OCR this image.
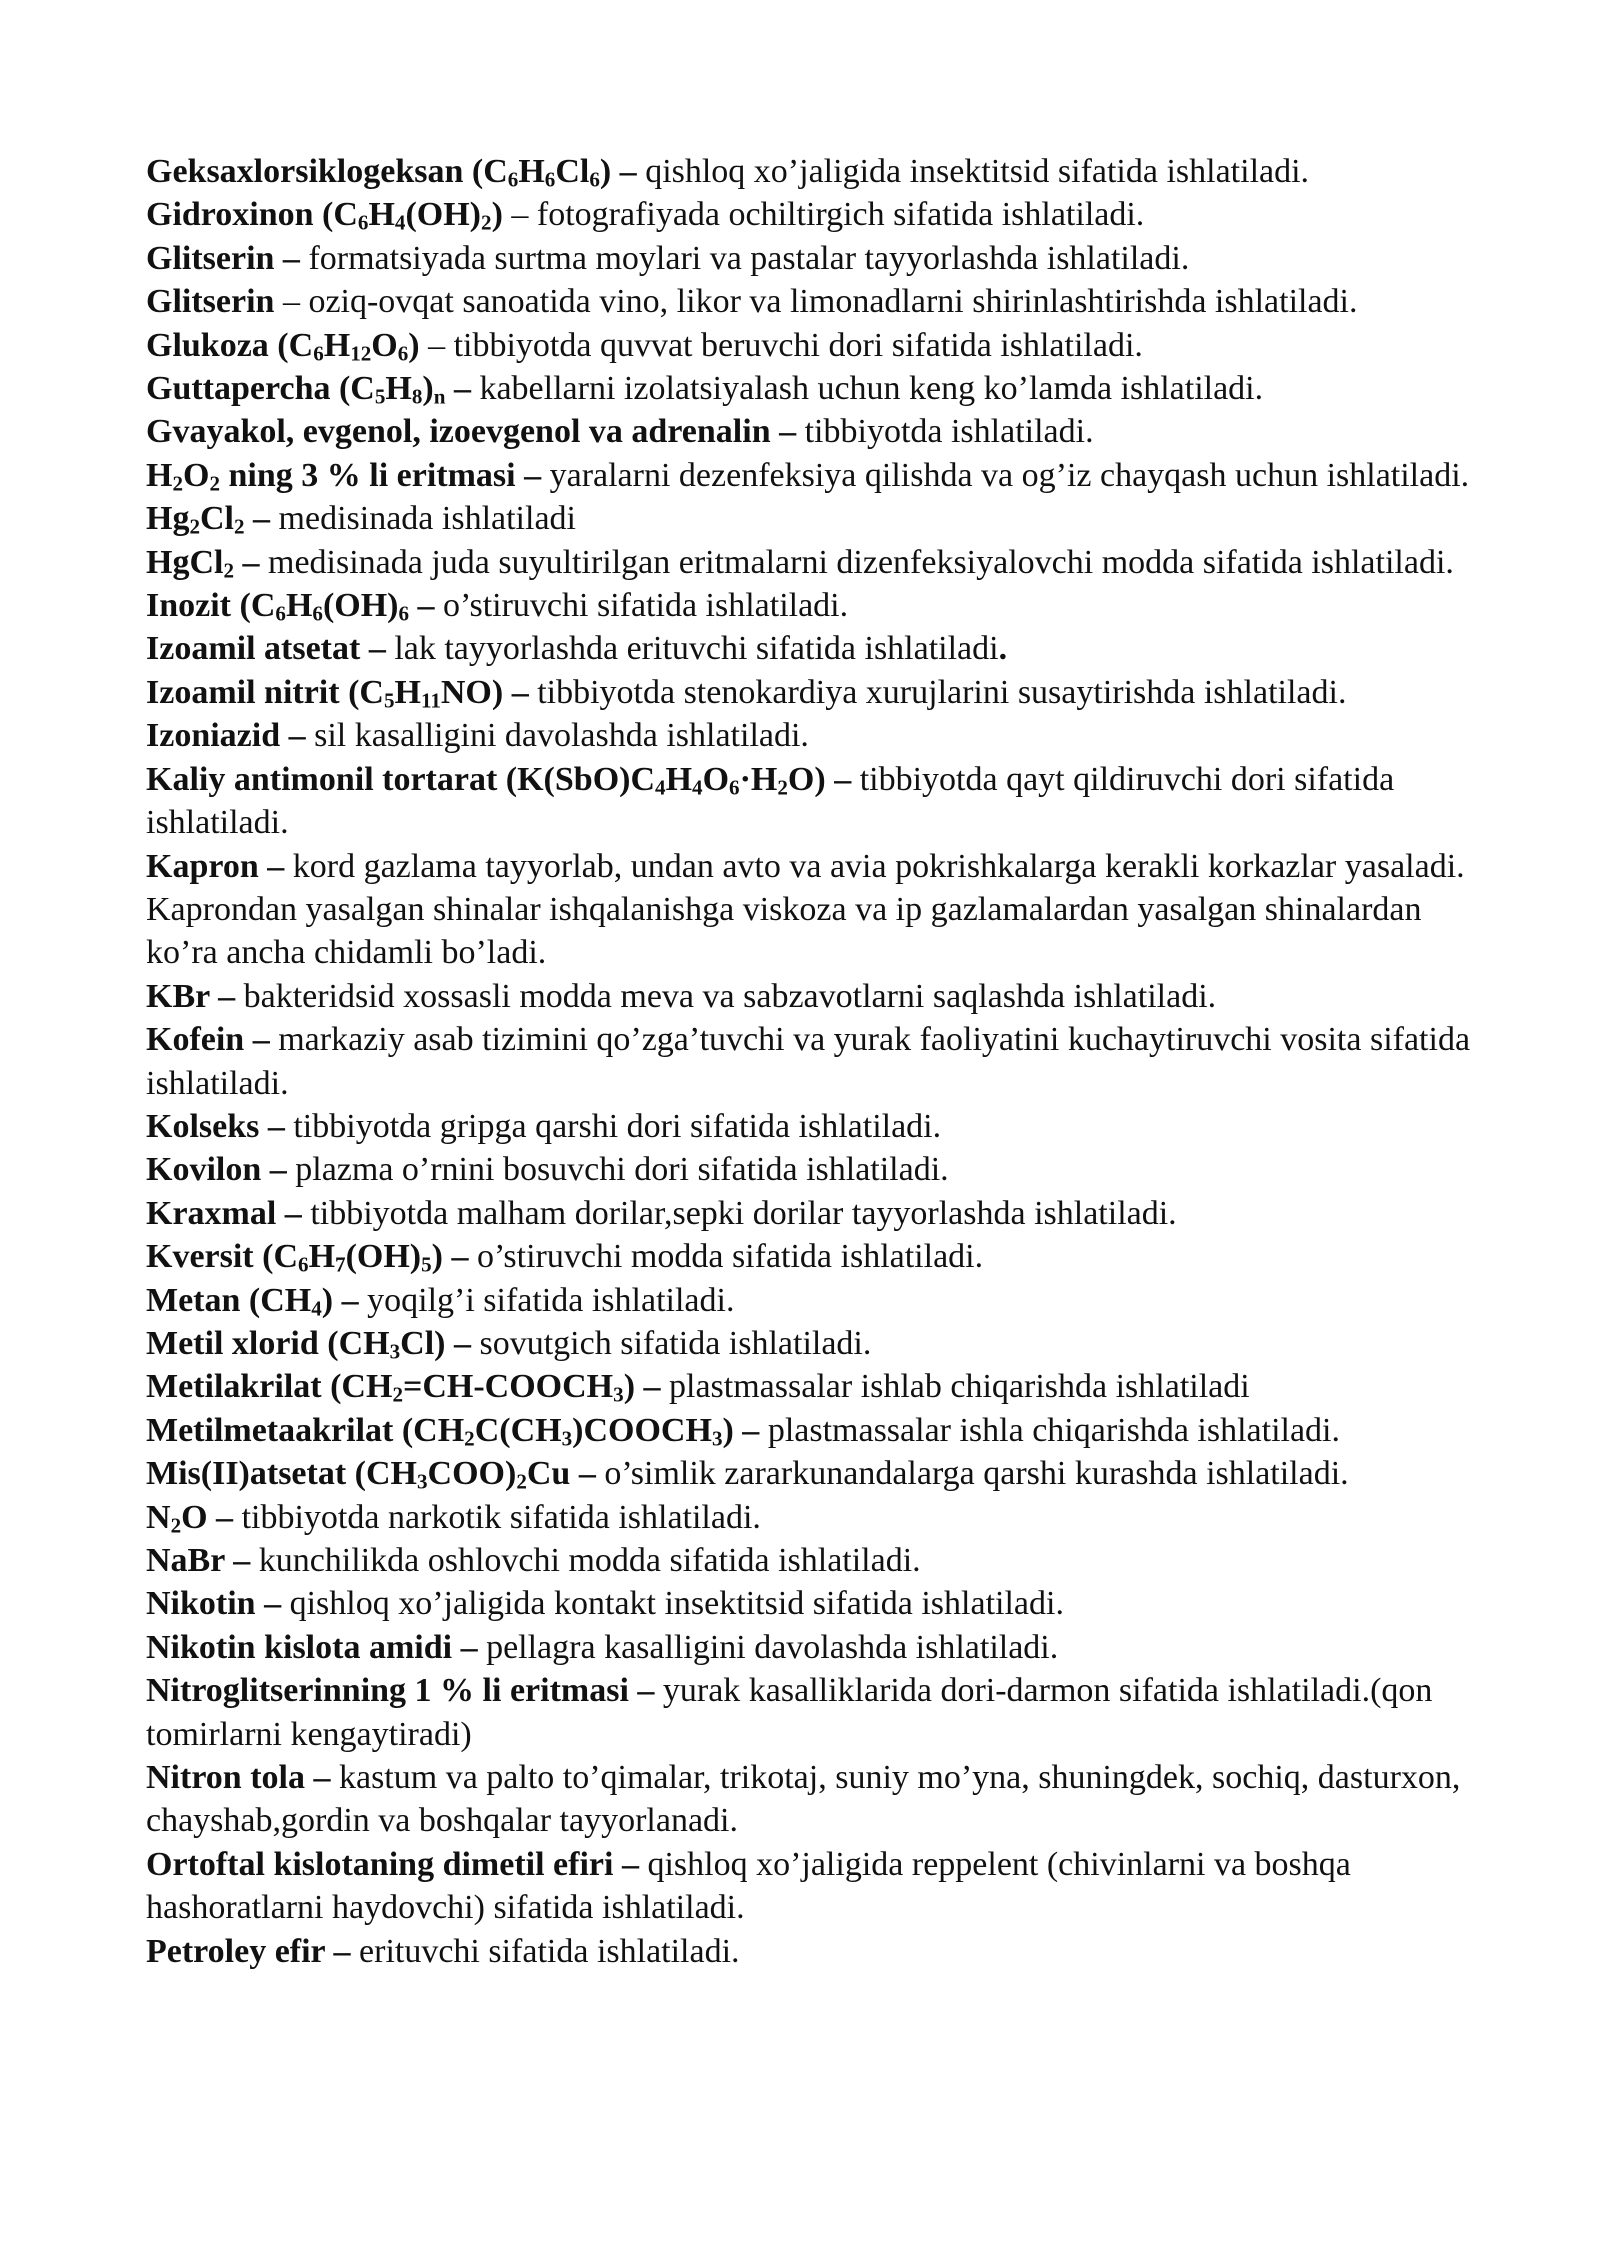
Geksaxlorsiklogeksan $(C_6H_6Cl_6)$ – qishloq xo’jaligida insektitsid sifatida ishlatiladi.

Gidroxinon $(C_6H_4(OH)_2)$ – fotografiyada ochiltirgich sifatida ishlatiladi.

Glitserin – formatsiyada surtma moylari va pastalar tayyorlashda ishlatiladi.

Glitserin – oziq-ovqat sanoatida vino, likor va limonadlarni shirinlashtirishda ishlatiladi.

Glukoza $(C_6H_{12}O_6)$ – tibbiyotda quvvat beruvchi dori sifatida ishlatiladi.

Guttapercha $(C_5H_8)_n$ – kabellarni izolatsiyalash uchun keng ko’lamda ishlatiladi.

Gvayakol, evgenol, izoevgenol va adrenalin – tibbiyotda ishlatiladi.

$H_2O_2$ ning 3 % li eritmasi – yaralarni dezenfeksiya qilishda va og’iz chayqash uchun ishlatiladi.

$Hg_2Cl_2$ – medisinada ishlatiladi

HgCl$_2$ – medisinada juda suyultirilgan eritmalarni dizenfeksiyalovchi modda sifatida ishlatiladi.

Inozit ($C_6H_6(OH)_6$ – o’stiruvchi sifatida ishlatiladi.

Izoamil atsetat – lak tayyorlashda erituvchi sifatida ishlatiladi.

Izoamil nitrit $(C_5H_{11}NO)$ – tibbiyotda stenokardiya xurujlarini susaytirishda ishlatiladi.

Izoniazid – sil kasalligini davolashda ishlatiladi.

Kaliy antimonil tortarat $(K(SbO)C_4H_4O_6\cdot H_2O)$ – tibbiyotda qayt qildiruvchi dori sifatida ishlatiladi.

Kapron – kord gazlama tayyorlab, undan avto va avia pokrishkalarga kerakli korkazlar yasaladi. Kaprondan yasalgan shinalar ishqalanishga viskoza va ip gazlamalardan yasalgan shinalardan ko’ra ancha chidamli bo’ladi.

KBr – bakteridsid xossasli modda meva va sabzavotlarni saqlashda ishlatiladi.

Kofein – markaziy asab tizimini qo’zga’tuvchi va yurak faoliyatini kuchaytiruvchi vosita sifatida ishlatiladi.

Kolseks – tibbiyotda gripga qarshi dori sifatida ishlatiladi.

Kovilon – plazma o’rnini bosuvchi dori sifatida ishlatiladi.

Kraxmal – tibbiyotda malham dorilar,sepki dorilar tayyorlashda ishlatiladi.

Kversit $(C_6H_7(OH)_5)$ – o’stiruvchi modda sifatida ishlatiladi.

Metan $(CH_4)$ – yoqilg’i sifatida ishlatiladi.

Metil xlorid $(CH_3Cl)$ – sovutgich sifatida ishlatiladi.

Metilakrilat $(CH_2=CH-COOCH_3)$ – plastmassalar ishlab chiqarishda ishlatiladi

Metilmetaakrilat $(CH_2C(CH_3)COOCH_3)$ – plastmassalar ishla chiqarishda ishlatiladi.

Mis(II)atsetat $(CH_3COO)_2Cu$ – o’simlik zararkunandalarga qarshi kurashda ishlatiladi.

$N_2O$ – tibbiyotda narkotik sifatida ishlatiladi.

NaBr – kunchilikda oshlovchi modda sifatida ishlatiladi.

Nikotin – qishloq xo’jaligida kontakt insektitsid sifatida ishlatiladi.

Nikotin kislota amidi – pellagra kasalligini davolashda ishlatiladi.

Nitroglitserinning 1 % li eritmasi – yurak kasalliklarida dori-darmon sifatida ishlatiladi.(qon tomirlarni kengaytiradi)

Nitron tola – kastum va palto to’qimalar, trikotaj, suniy mo’yna, shuningdek, sochiq, dasturxon, chayshab,gordin va boshqalar tayyorlanadi.

Ortoftal kislotaning dimetil efiri – qishloq xo’jaligida reppelent (chivinlarni va boshqa hashoratlarni haydovchi) sifatida ishlatiladi.

Petroley efir – erituvchi sifatida ishlatiladi.
